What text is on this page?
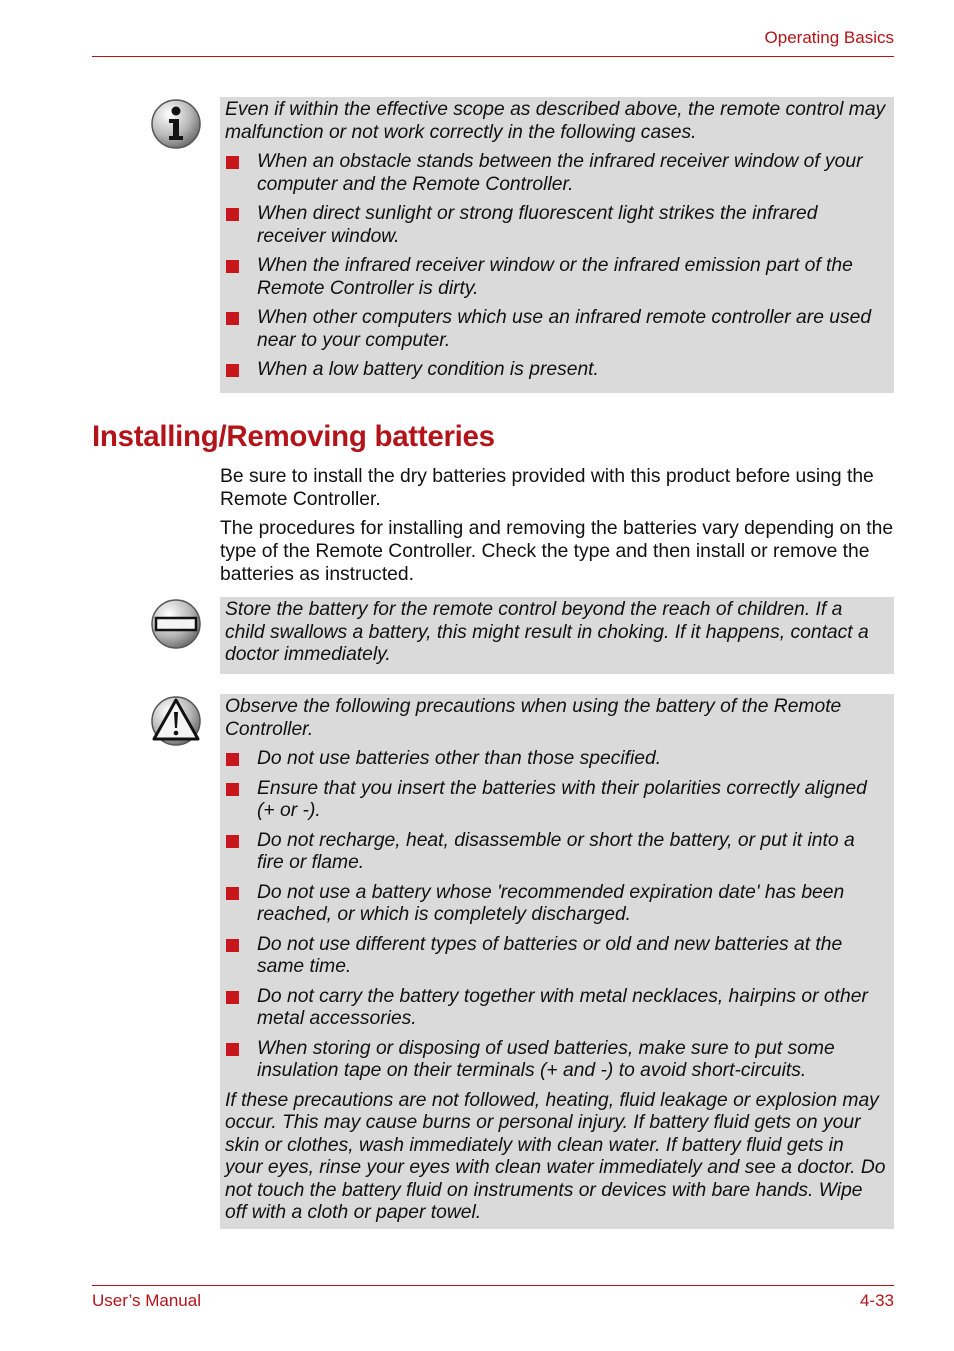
Operating Basics

Even if within the effective scope as described above, the remote control may malfunction or not work correctly in the following cases.

When an obstacle stands between the infrared receiver window of your computer and the Remote Controller.
When direct sunlight or strong fluorescent light strikes the infrared receiver window.
When the infrared receiver window or the infrared emission part of the Remote Controller is dirty.
When other computers which use an infrared remote controller are used near to your computer.
When a low battery condition is present.
Installing/Removing batteries

Be sure to install the dry batteries provided with this product before using the Remote Controller.

The procedures for installing and removing the batteries vary depending on the type of the Remote Controller. Check the type and then install or remove the batteries as instructed.

Store the battery for the remote control beyond the reach of children. If a child swallows a battery, this might result in choking. If it happens, contact a doctor immediately.

Observe the following precautions when using the battery of the Remote Controller.

Do not use batteries other than those specified.
Ensure that you insert the batteries with their polarities correctly aligned (+ or -).
Do not recharge, heat, disassemble or short the battery, or put it into a fire or flame.
Do not use a battery whose 'recommended expiration date' has been reached, or which is completely discharged.
Do not use different types of batteries or old and new batteries at the same time.
Do not carry the battery together with metal necklaces, hairpins or other metal accessories.
When storing or disposing of used batteries, make sure to put some insulation tape on their terminals (+ and -) to avoid short-circuits.

If these precautions are not followed, heating, fluid leakage or explosion may occur. This may cause burns or personal injury. If battery fluid gets on your skin or clothes, wash immediately with clean water. If battery fluid gets in your eyes, rinse your eyes with clean water immediately and see a doctor. Do not touch the battery fluid on instruments or devices with bare hands. Wipe off with a cloth or paper towel.

User’s Manual	4-33
